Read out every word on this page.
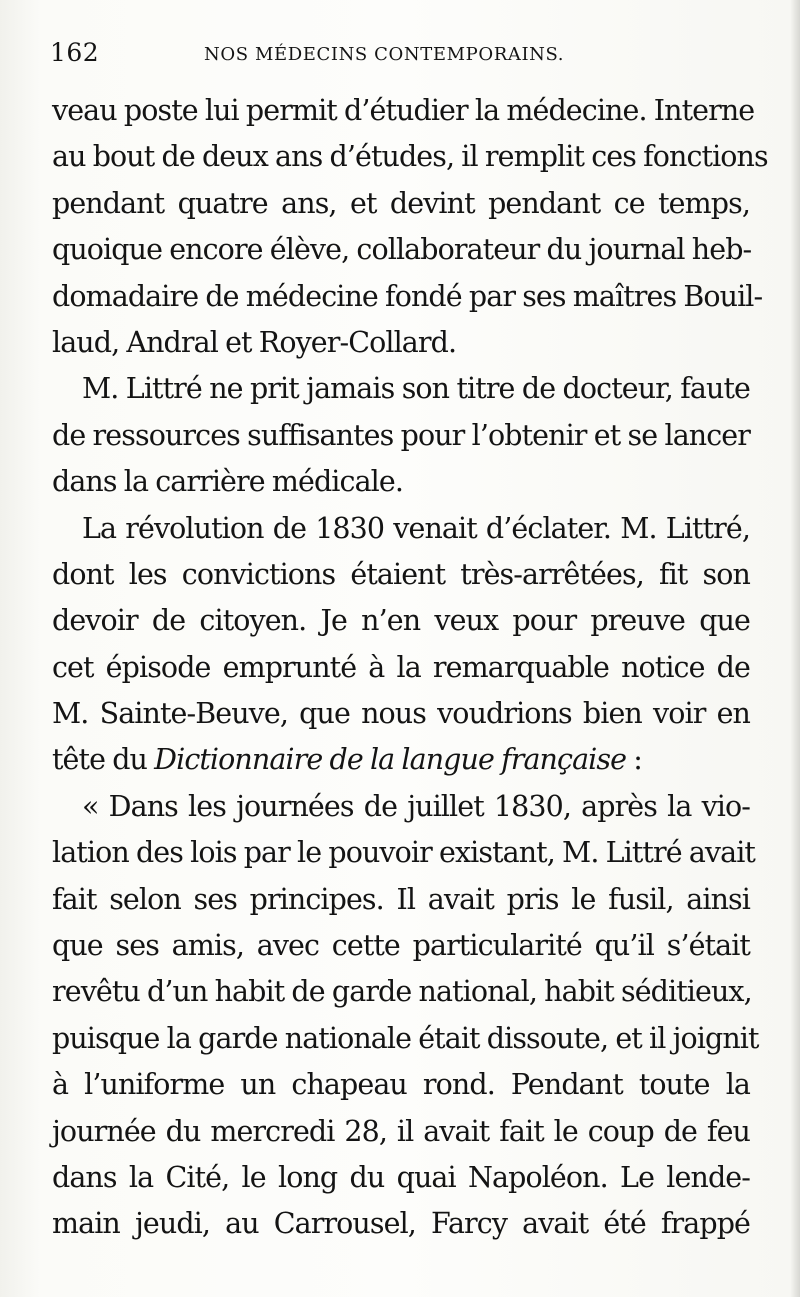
162	NOS MÉDECINS CONTEMPORAINS.
veau poste lui permit d’étudier la médecine. Interne
au bout de deux ans d’études, il remplit ces fonctions
pendant quatre ans, et devint pendant ce temps,
quoique encore élève, collaborateur du journal heb-
domadaire de médecine fondé par ses maîtres Bouil-
laud, Andral et Royer-Collard.
M. Littré ne prit jamais son titre de docteur, faute
de ressources suffisantes pour l’obtenir et se lancer
dans la carrière médicale.
La révolution de 1830 venait d’éclater. M. Littré,
dont les convictions étaient très-arrêtées, fit son
devoir de citoyen. Je n’en veux pour preuve que
cet épisode emprunté à la remarquable notice de
M. Sainte-Beuve, que nous voudrions bien voir en
tête du Dictionnaire de la langue française :
« Dans les journées de juillet 1830, après la vio-
lation des lois par le pouvoir existant, M. Littré avait
fait selon ses principes. Il avait pris le fusil, ainsi
que ses amis, avec cette particularité qu’il s’était
revêtu d’un habit de garde national, habit séditieux,
puisque la garde nationale était dissoute, et il joignit
à l’uniforme un chapeau rond. Pendant toute la
journée du mercredi 28, il avait fait le coup de feu
dans la Cité, le long du quai Napoléon. Le lende-
main jeudi, au Carrousel, Farcy avait été frappé
